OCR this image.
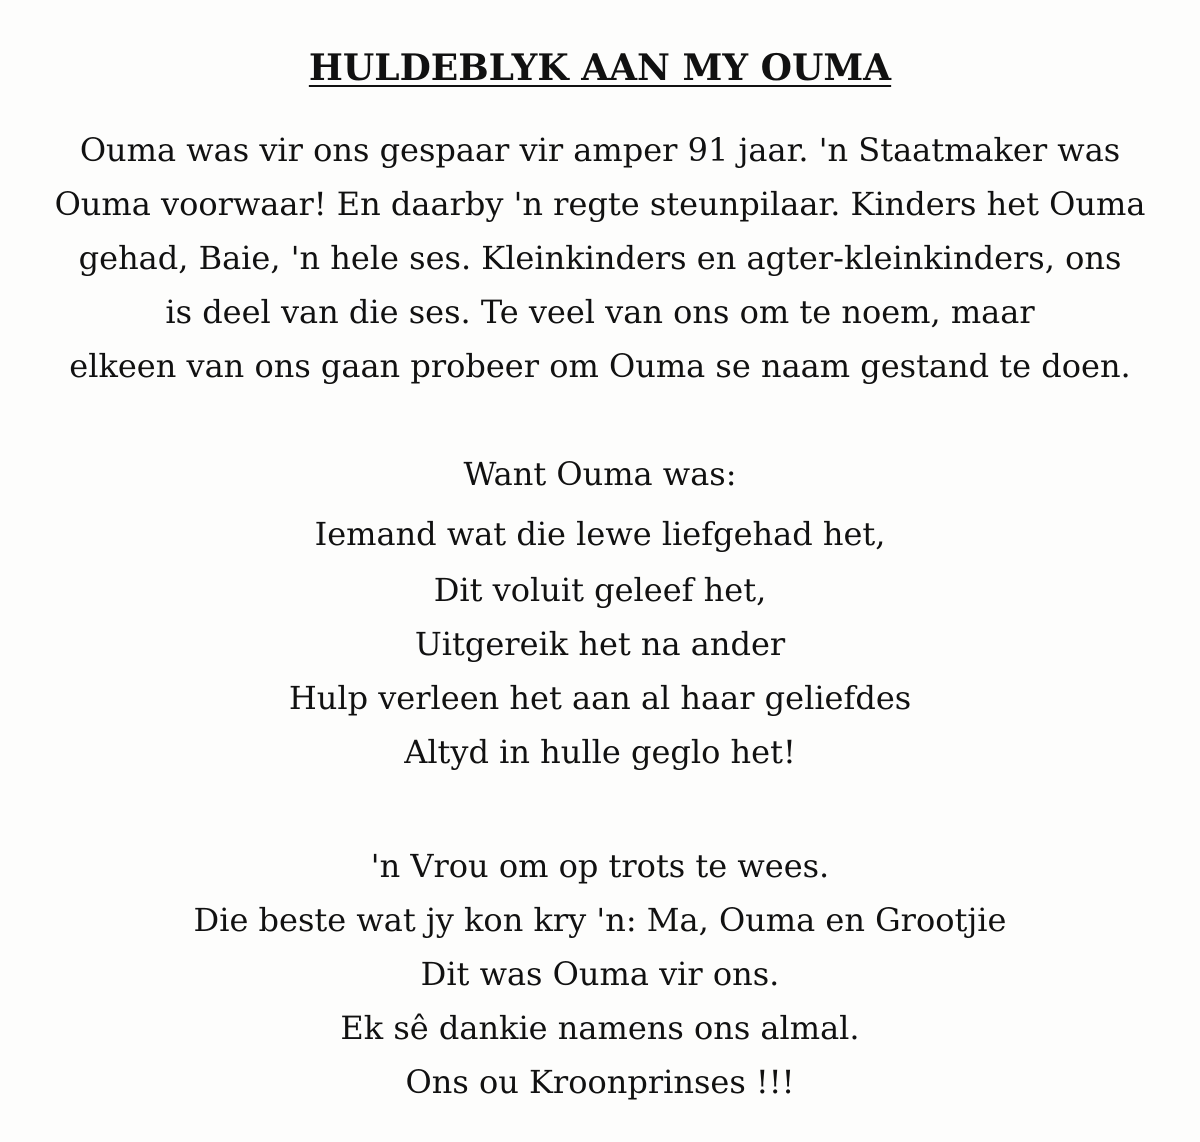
HULDEBLYK AAN MY OUMA

Ouma was vir ons gespaar vir amper 91 jaar. 'n Staatmaker was

Ouma voorwaar! En daarby 'n regte steunpilaar. Kinders het Ouma

gehad, Baie, 'n hele ses. Kleinkinders en agter-kleinkinders, ons

is deel van die ses. Te veel van ons om te noem, maar

elkeen van ons gaan probeer om Ouma se naam gestand te doen.

Want Ouma was:

Iemand wat die lewe liefgehad het,

Dit voluit geleef het,

Uitgereik het na ander

Hulp verleen het aan al haar geliefdes

Altyd in hulle geglo het!

'n Vrou om op trots te wees.

Die beste wat jy kon kry 'n: Ma, Ouma en Grootjie

Dit was Ouma vir ons.

Ek sê dankie namens ons almal.

Ons ou Kroonprinses !!!
